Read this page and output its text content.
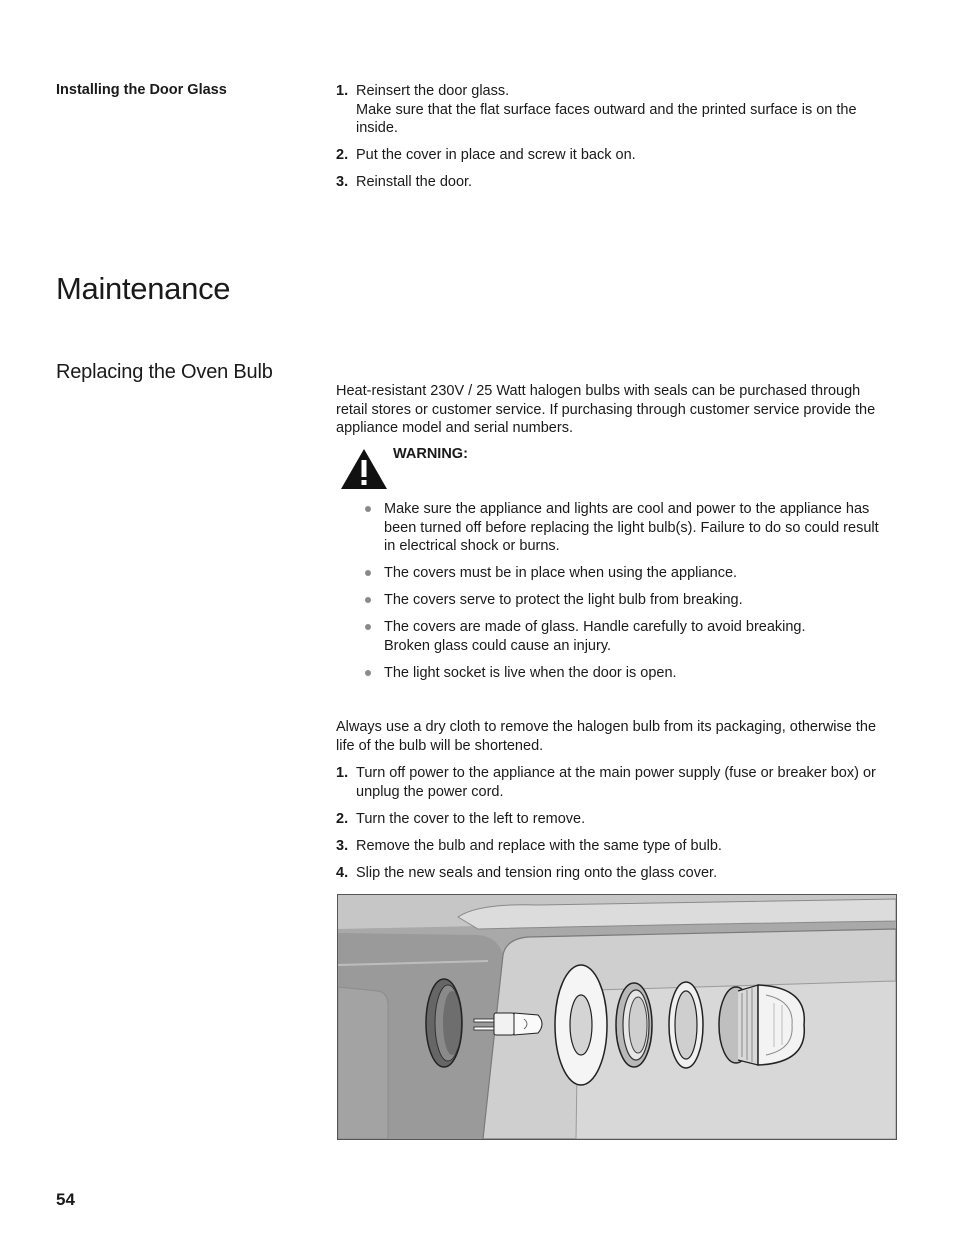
Installing the Door Glass	1. Reinsert the door glass.
Make sure that the flat surface faces outward and the printed surface is on the
inside.
2. Put the cover in place and screw it back on.
3. Reinstall the door.
Maintenance
Replacing the Oven Bulb

Heat-resistant 230V / 25 Watt halogen bulbs with seals can be purchased through

retail stores or customer service. If purchasing through customer service provide the

appliance model and serial numbers.

WARNING:
Make sure the appliance and lights are cool and power to the appliance has
been turned off before replacing the light bulb(s). Failure to do so could result
in electrical shock or burns.
The covers must be in place when using the appliance.
The covers serve to protect the light bulb from breaking.
The covers are made of glass. Handle carefully to avoid breaking.
Broken glass could cause an injury.
The light socket is live when the door is open.

Always use a dry cloth to remove the halogen bulb from its packaging, otherwise the

life of the bulb will be shortened.

1. Turn off power to the appliance at the main power supply (fuse or breaker box) or
unplug the power cord.
2. Turn the cover to the left to remove.
3. Remove the bulb and replace with the same type of bulb.
4. Slip the new seals and tension ring onto the glass cover.
54
